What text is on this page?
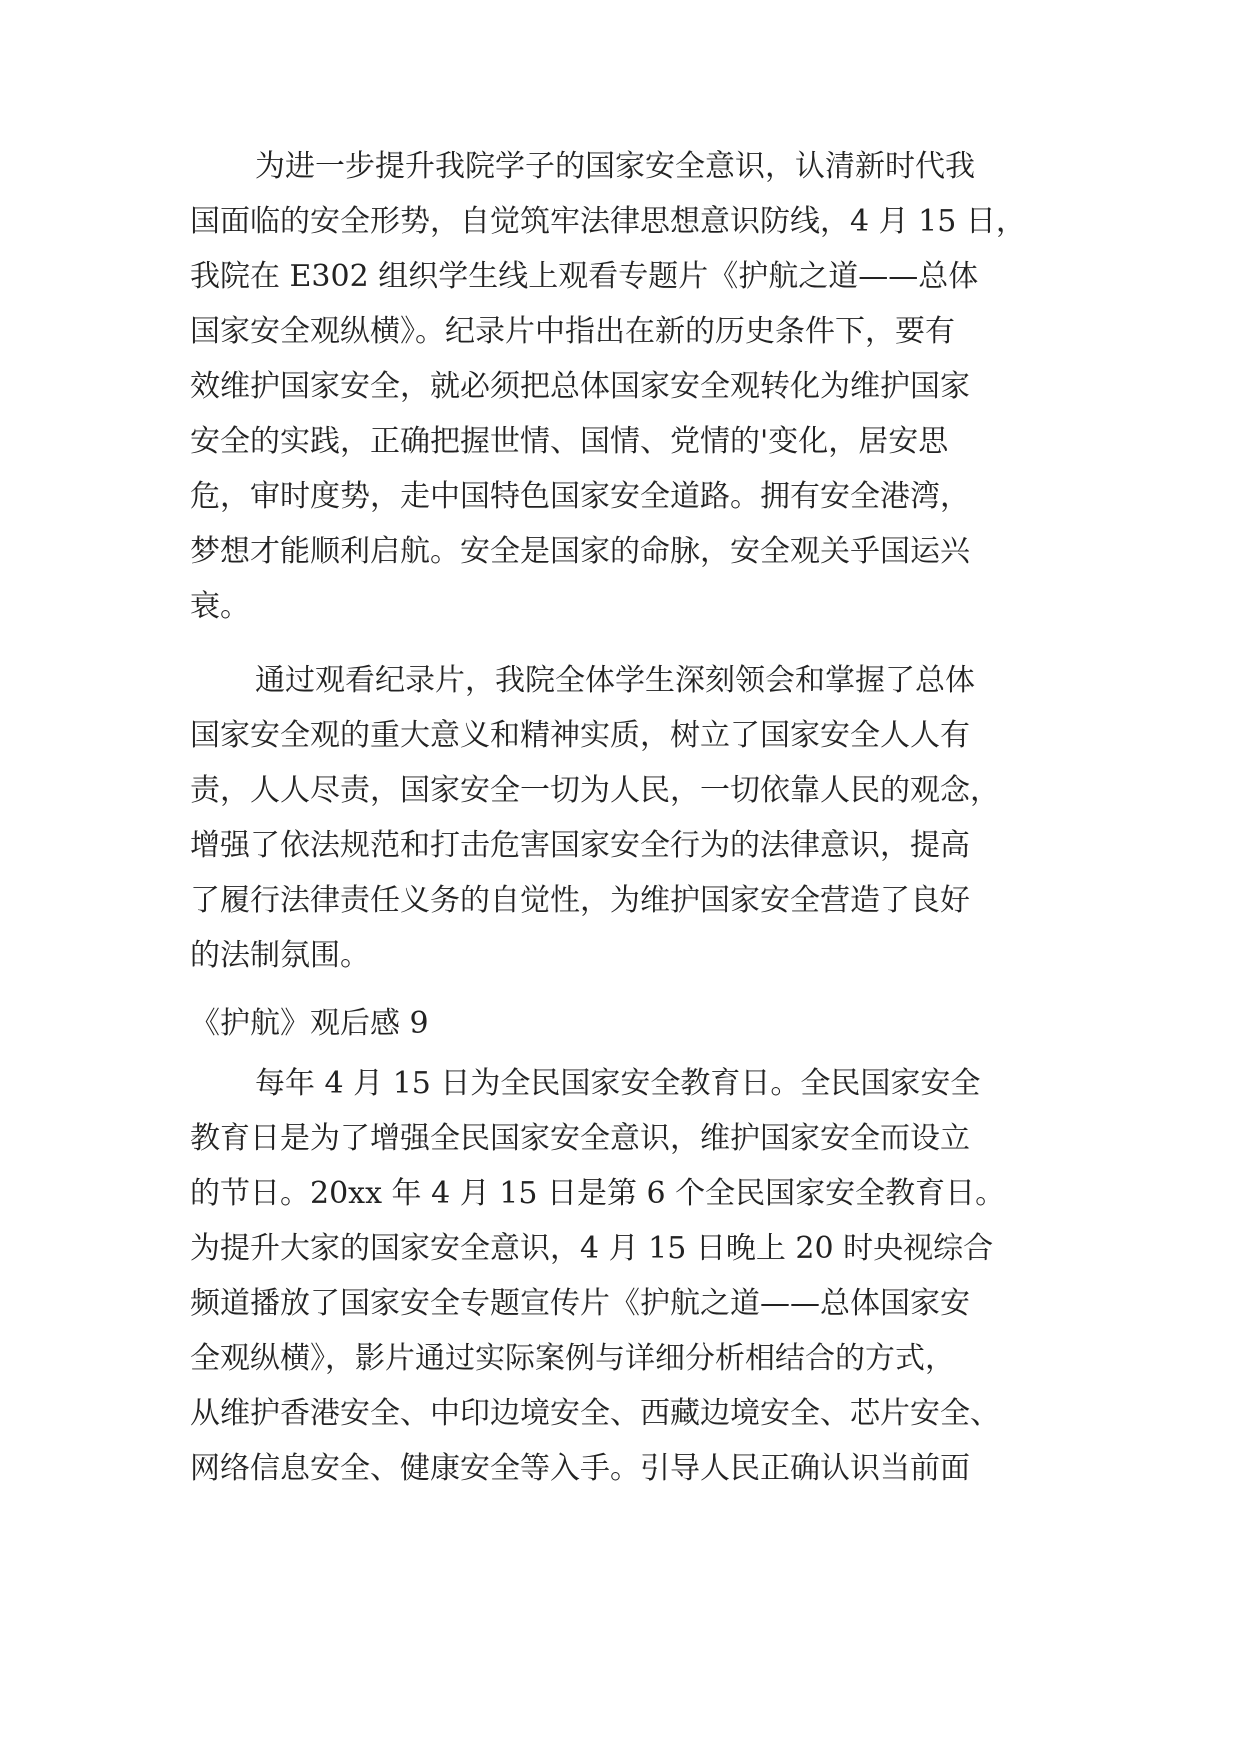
为进一步提升我院学子的国家安全意识，认清新时代我
国面临的安全形势，自觉筑牢法律思想意识防线，4 月 15 日，
我院在 E302 组织学生线上观看专题片《护航之道——总体
国家安全观纵横》。纪录片中指出在新的历史条件下，要有
效维护国家安全，就必须把总体国家安全观转化为维护国家
安全的实践，正确把握世情、国情、党情的'变化，居安思
危，审时度势，走中国特色国家安全道路。拥有安全港湾，
梦想才能顺利启航。安全是国家的命脉，安全观关乎国运兴
衰。
通过观看纪录片，我院全体学生深刻领会和掌握了总体
国家安全观的重大意义和精神实质，树立了国家安全人人有
责，人人尽责，国家安全一切为人民，一切依靠人民的观念，
增强了依法规范和打击危害国家安全行为的法律意识，提高
了履行法律责任义务的自觉性，为维护国家安全营造了良好
的法制氛围。
《护航》观后感 9
每年 4 月 15 日为全民国家安全教育日。全民国家安全
教育日是为了增强全民国家安全意识，维护国家安全而设立
的节日。20xx 年 4 月 15 日是第 6 个全民国家安全教育日。
为提升大家的国家安全意识，4 月 15 日晚上 20 时央视综合
频道播放了国家安全专题宣传片《护航之道——总体国家安
全观纵横》，影片通过实际案例与详细分析相结合的方式，
从维护香港安全、中印边境安全、西藏边境安全、芯片安全、
网络信息安全、健康安全等入手。引导人民正确认识当前面
